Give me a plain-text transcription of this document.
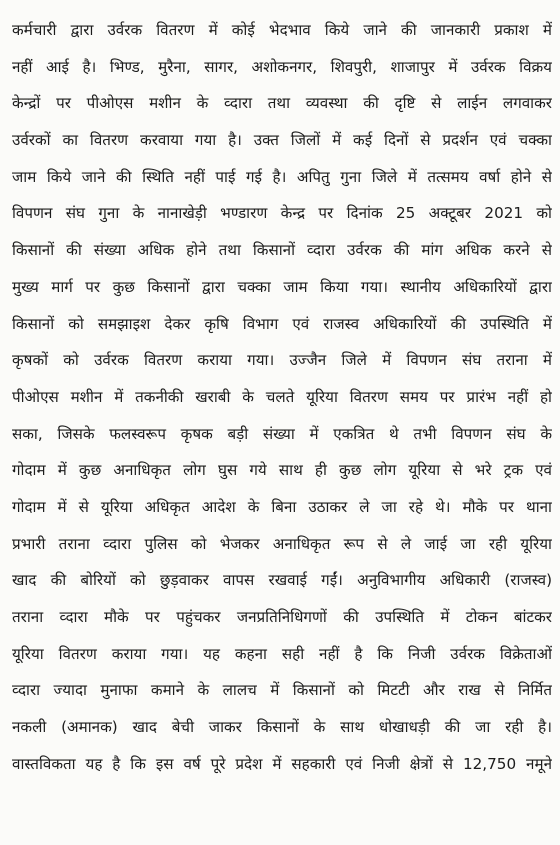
कर्मचारी द्वारा उर्वरक वितरण में कोई भेदभाव किये जाने की जानकारी प्रकाश में
नहीं आई है। भिण्ड, मुरैना, सागर, अशोकनगर, शिवपुरी, शाजापुर में उर्वरक विक्रय
केन्द्रों पर पीओएस मशीन के व्दारा तथा व्यवस्था की दृष्टि से लाईन लगवाकर
उर्वरकों का वितरण करवाया गया है। उक्त जिलों में कई दिनों से प्रदर्शन एवं चक्का
जाम किये जाने की स्थिति नहीं पाई गई है। अपितु गुना जिले में तत्समय वर्षा होने से
विपणन संघ गुना के नानाखेड़ी भण्डारण केन्द्र पर दिनांक 25 अक्टूबर 2021 को
किसानों की संख्या अधिक होने तथा किसानों व्दारा उर्वरक की मांग अधिक करने से
मुख्य मार्ग पर कुछ किसानों द्वारा चक्का जाम किया गया। स्थानीय अधिकारियों द्वारा
किसानों को समझाइश देकर कृषि विभाग एवं राजस्व अधिकारियों की उपस्थिति में
कृषकों को उर्वरक वितरण कराया गया। उज्जैन जिले में विपणन संघ तराना में
पीओएस मशीन में तकनीकी खराबी के चलते यूरिया वितरण समय पर प्रारंभ नहीं हो
सका, जिसके फलस्वरूप कृषक बड़ी संख्या में एकत्रित थे तभी विपणन संघ के
गोदाम में कुछ अनाधिकृत लोग घुस गये साथ ही कुछ लोग यूरिया से भरे ट्रक एवं
गोदाम में से यूरिया अधिकृत आदेश के बिना उठाकर ले जा रहे थे। मौके पर थाना
प्रभारी तराना व्दारा पुलिस को भेजकर अनाधिकृत रूप से ले जाई जा रही यूरिया
खाद की बोरियों को छुड़वाकर वापस रखवाई गईं। अनुविभागीय अधिकारी (राजस्व)
तराना व्दारा मौके पर पहुंचकर जनप्रतिनिधिगणों की उपस्थिति में टोकन बांटकर
यूरिया वितरण कराया गया। यह कहना सही नहीं है कि निजी उर्वरक विक्रेताओं
व्दारा ज्यादा मुनाफा कमाने के लालच में किसानों को मिटटी और राख से निर्मित
नकली (अमानक) खाद बेची जाकर किसानों के साथ धोखाधड़ी की जा रही है।
वास्तविकता यह है कि इस वर्ष पूरे प्रदेश में सहकारी एवं निजी क्षेत्रों से 12,750 नमूने
